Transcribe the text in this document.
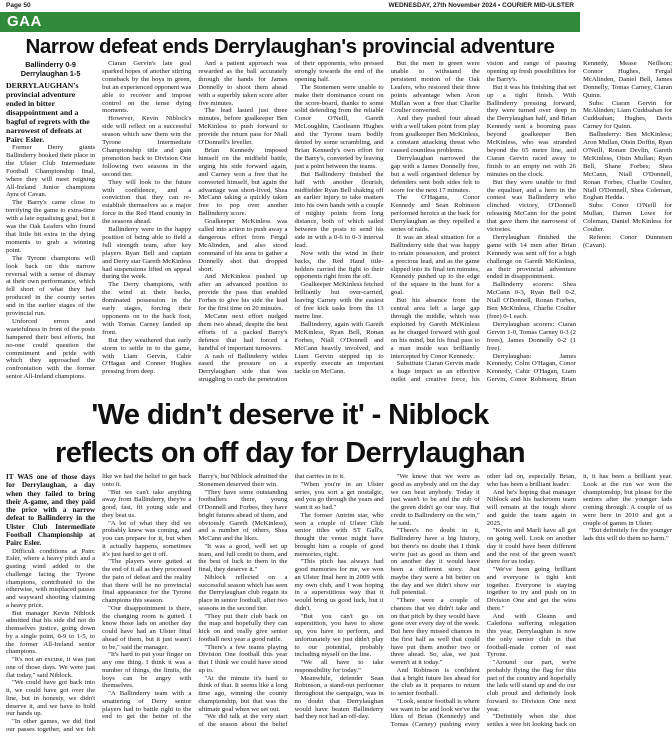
Page 50	WEDNESDAY, 27th November 2024 • COURIER MID-ULSTER
GAA
Narrow defeat ends Derrylaughan's provincial adventure
Ballinderry 0-9
Derrylaughan 1-5

DERRYLAUGHAN's provincial adventure ended in bitter disappointment and a bagful of regrets with the narrowest of defeats at Pairc Esler.

Former Derry giants Ballinderry booked their place in the Ulster Club Intermediate Football Championship final, where they will meet reigning All-Ireland Junior champions Ayra of Cavan.

The Barry's came close to terrifying the game to extra-time with a late equalising goal, but it was the Oak Leafers who found that little bit extra in the dying moments to grab a winning point.

The Tyrone champions will look back on this narrow reversal with a sense of dismay at their own performance, which fell short of what they had produced in the county series and in the earlier stages of the provincial run.

Unforced errors and wastefulness in front of the posts hampered their best efforts, but no-one could question the commitment and pride with which they approached the confrontation with the former senior All-Ireland champions.

Ciaran Gervin's late goal sparked hopes of another stirring comeback by the boys in green, but an experienced opponent was able to recover and impose control on the tense dying moments.

However, Kevin Niblock's side will reflect on a successful season which saw them win the Tyrone Intermediate Championship title and gain promotion back to Division One following two seasons in the second tier.

They will look to the future with confidence, and a conviction that they can re-establish themselves as a major force in the Red Hand county in the seasons ahead.

Ballinderry were in the happy position of being able to field a full strength team, after key players Ryan Bell and captain and Derry star Gareth McKinless had suspensions lifted on appeal during the week.

The Derry champions, with the wind at their backs, dominated possession in the early stages, forcing their opponents on to the back foot, with Tomas Carney landed up front.

But they weathered that early storm to settle in to the game, with Liam Gervin, Cahir O'Hagan and Conner Hughes pressing from deep.

And a patient approach was rewarded as the ball accurately through the hands for James Donnelly to shoot them ahead with a superbly taken score after five minutes.

The lead lasted just three minutes, before goalkeeper Ben McKinless to push forward to provide the return pass for Niall O'Donnell's leveller.

Brian Kennedy imposed himself on the midfield battle, urging his side forward again, and Carney won a free that he converted himself, but again the advantage was short-lived, Shea McCann taking a quickly taken free to pop over another Ballinderry score.

Goalkeeper McKinless was called into action to push away a dangerous effort from Fergal McAlinden, and also stood command of his area to gather a Donnelly shot that dropped short.

And McKinless pushed up after an advanced position to provide the pass that enabled Forbes to give his side the lead for the first time on 20 minutes.

McCann next effort nudged them two ahead, despite the best efforts of a packed Barry's defence that had forced a handful of important turnovers.

A rash of Ballinderry wides eased the pressure on a Derrylaughan side that was struggling to curb the penetration of their opponents, who pressed strongly towards the end of the opening half.

The Stonemen were unable to make their dominance count on the score-board, thanks to some solid defending from the reliable Conor O'Neill, Gareth McLoughlin, Caoileann Hughes and the Tyrone team bodily denied by some scrambling, and Brian Kennedy's own effort for the Barry's, converted by leaving just a point between the teams.

But Ballinderry finished the half with another flourish, midfielder Ryan Bell shaking off an earlier injury to take matters into his own hands with a couple of mighty points from long distance, both of which sailed between the posts to send his side in with a 0-6 to 0-3 interval lead.

Now with the wind in their backs, the Red Hand title-holders carried the fight to their opponents right from the off.

Goalkeeper McKinless fetched brilliantly but over-carried, leaving Carney with the easiest of free kick tasks from the 13 metre line.

Ballinderry, again with Gareth McKinless, Ryan Bell, Ronan Forbes, Niall O'Donnell and McCann heavily involved, and Liam Gervin stepped up to expertly execute an important tackle on McCann.

But the men in green were unable to withstand the persistent motion of the Oak Leafers, who restored their three points advantage when Aron Mullan won a free that Charlie Coulter converted.

And they pushed four ahead with a well taken point from play from goalkeeper Ben McKinless, a constant attacking threat who caused countless problems.

Derrylaughan narrowed the gap with a James Donnelly free, but a well organised defence by defenders sent both sides felt to score for the next 17 minutes.

The O'Hagans, Conor Kennedy and Sean Robinson performed heroics at the back for Derrylaughan as they repelled a series of raids.

It was an ideal situation for a Ballinderry side that was happy to retain possession, and protect a precious lead, and as the game slipped into its final ten minutes, Kennedy pushed up to the edge of the square in the hunt for a goal.

But his absence from the central area left a large gap through the middle, which was exploited by Gareth McKinless as he charged forward with goal on his mind, but his final pass to a man inside was brilliantly intercepted by Conor Kennedy.

Substitute Ciaran Gervin made a huge impact as an effective outlet and creative force, his vision and range of passing opening up fresh possibilities for the Barry's.

But it was his finishing that set up a tight finish. With Ballinderry pressing forward, they were turned over deep in the Derrylaughan half, and Brian Kennedy sent a booming pass beyond goalkeeper Ben McKinless, who was stranded beyond the 65 metre line, and Ciaran Gervin raced away to finish to an empty net with 26 minutes on the clock.

But they were unable to find the equaliser, and a hero in the contest was Ballinderry who clinched victory, O'Donnell releasing McCann for the point that gave them the narrowest of victories.

Derrylaughan finished the game with 14 men after Brian Kennedy was sent off for a high challenge on Gareth McKinless, as their provincial adventure ended in disappointment.

Ballinderry scorers: Shea McCann 0-3, Ryan Bell 0-2, Niall O'Donnell, Ronan Forbes, Ben McKinless, Charlie Coulter (free) 0-1 each.

Derrylaughan scorers: Ciaran Gervin 1-0, Tomas Carney 0-3 (2 frees), James Donnelly 0-2 (1 free).

Derrylaughan: James Kennedy; Colm O'Hagan, Conor Kennedy, Cahir O'Hagan, Liam Gervin, Conor Robinson; Brian Kennedy, Mease Neillson; Connor Hughes, Fergal McAlinden, Daniel Bell, James Donnelly, Tomas Carney, Ciaran Quinn.

Subs: Ciaran Gervin for McAlinden; Liam Cuddsahan for Cuddsahan; Hughes, Davis Carney for Quinn.

Ballinderry: Ben McKinless; Aron Mullan, Oisin Doffin, Ryan O'Neill, Ronan Devlin, Gareth McKinless, Oisin Mullan; Ryan Bell, Shane Forbes; Shea McCann, Niall O'Donnell, Ronan Forbes, Charlie Coulter, Niall O'Donnell, Shea Coleman, Eoghan Hedda.

Subs: Conor O'Neill for Mullan, Darren Lowe for Coleman, Daniel McKinless for Coulter.

Referee: Conor Dunnesen (Cavan).

'We didn't deserve it' - Niblock
reflects on off day for Derrylaughan

IT WAS one of those days for Derrylaughan, a day when they failed to bring their A-game, and they paid the price with a narrow defeat to Ballinderry in the Ulster Club Intermediate Football Championship at Pairc Esler.

Difficult conditions at Pairc Esler, where a heavy pitch and a gusting wind added to the challenge facing the Tyrone champions, contributed to the otherwise, with misplaced passes and wayward shooting claiming a heavy price.

But manager Kevin Niblock admitted that his side did not do themselves justice, going down by a single point, 0-9 to 1-5, to the former All-Ireland senior champions.

"It's not an excuse, it was just one of those days. We were just flat today," said Niblock.

"We could have got back into it, we could have got over the line, but in honesty, we didn't deserve it, and we have to hold our hands up.

"In other games, we did find our passes together, and we felt like we had the belief to get back onto it.

"But we can't take anything away from Ballinderry, they're a good, fast, fit young side and they beat us.

"A lot of what they did we probably knew was coming, and you can prepare for it, but when it actually happens, sometimes it's just hard to get it off.

"The players were gutted at the end of it all as they processed the pain of defeat and the reality that there will be no provincial final appearance for the Tyrone champions this season.

"Our disappointment is there, the changing room is gutted. I know those lads on another day could have had an Ulster final ahead of them, but it just wasn't to be," said the manager.

"It's hard to put your finger on any one thing. I think it was a number of things, the limits, the boys can be angry with themselves.

"A Ballinderry team with a smattering of Derry senior players had to battle right to the end to get the better of the Barry's, but Niblock admitted the Stonemen deserved their win.

"They have some outstanding footballers there, young O'Donnell and Forbes, they have bright futures ahead of them, and obviously Gareth (McKinless), and a number of others, Shea McCann and the likes.

"It was a good, well set up team, and full credit to them, and the best of luck to them in the final, they deserve it."

Niblock reflected on a successful season which has seen the Derrylaughan club regain its place in senior football, after two seasons in the second tier.

"They put their club back on the map and hopefully they can kick on and really give senior football next year a good rattle.

"There's a few teams playing Division One football this year that I think we could have stood up to.

"At the minute it's hard to think of that. It seems like a long time ago, winning the county championship, but that was the ultimate goal when we set out.

"We did talk at the very start of the season about the belief that carries in to it.

"When you're in an Ulster series, you sort a get nostalgic, and you go through the years and want it so bad."

The former Antrim star, who won a couple of Ulster Club senior titles with ST Gall's, thought the venue might have brought him a couple of good memories, right.

"This pitch has always had good memories for me, we won an Ulster final here in 2009 with my own club, and I was hoping in a superstitious way that it would bring us good luck, but it didn't.

"But you can't go on superstition, you have to show up, you have to perform, and unfortunately we just didn't play to our potential, probably including myself on the line.

"We all have to take responsibility for today."

Meanwhile, defender Sean Robinson, a stand-out performer throughout the campaign, was in no doubt that Derrylaughan would have beaten Ballinderry had they not had an off-day.

"We knew that we were as good as anybody and on the day we can beat anybody. Today it just wasn't to be and the rub of the green didn't go our way. But credit to Ballinderry on the win," he said.

"There's no doubt in it, Ballinderry have a big history, but there's no doubt that I think we're just as good as them and on another day it would have been a different story. Just maybe they were a bit better on the day and we didn't show our full potential.

"There were a couple of chances that we didn't take and on that pitch by they would have gone over every day of the week. But here they missed chances in the first half as well that could have put them another two or three ahead. So, alas, we just weren't at it today."

And Robinson is confident that a bright future lies ahead for the club as it prepares to return to senior football.

"Look, senior football is where we want to be and look we've the likes of Brian (Kennedy) and Tomas (Carney) pushing every other lad on, especially Brian, who has been a brilliant leader.

And he's hoping that manager Niblock and his backroom team will remain at the tough shore and guide the team again in 2025.

"Kevin and Marli have all got on going well. Look on another day it could have been different and the rest of the green wasn't there for us today.

"We've been going brilliant and everyone is tight knit together. Everyone is staying together to try and push on in Division One and get the wins there."

And with Gleann and Caledona suffering relegation this year, Derrylaughan is now the only senior club in that football-made corner of east Tyrone.

"Around our part, we're probably flying the flag for this part of the country and hopefully the lads will stand up and do our club proud and definitely look forward to Division One next year.

"Definitely when the dust settles a wee bit looking back on it, it has been a brilliant year. Look at the run we won the championship, but please for the seniors after the younger lads coming through. A couple of us were here in 2010 and got a couple of games in Ulster.

"But definitely for the younger lads this will do them no harm."
